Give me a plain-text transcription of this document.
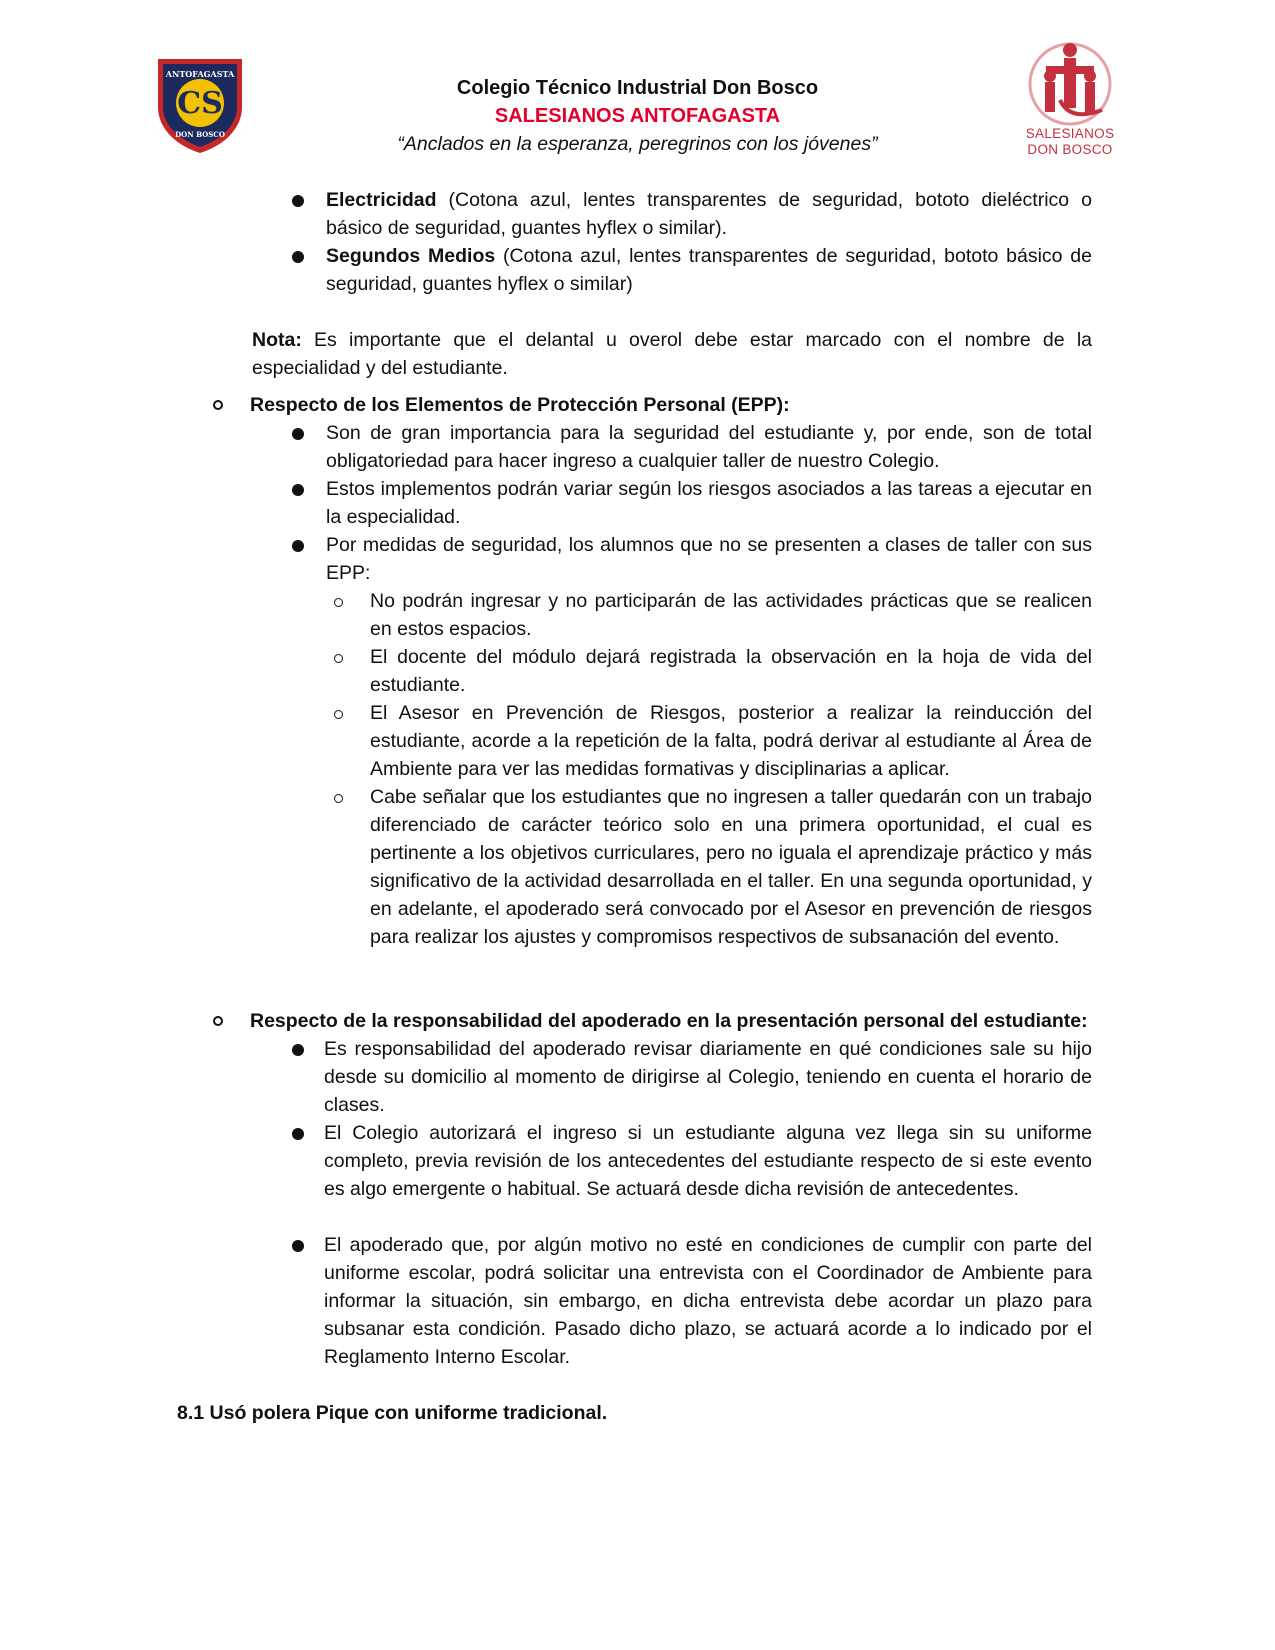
ANTOFAGASTA
CS
DON BOSCO
Colegio Técnico Industrial Don Bosco
SALESIANOS ANTOFAGASTA
“Anclados en la esperanza, peregrinos con los jóvenes”	SALESIANOS
DON BOSCO
Electricidad (Cotona azul, lentes transparentes de seguridad, bototo dieléctrico o básico de seguridad, guantes hyflex o similar).
Segundos Medios (Cotona azul, lentes transparentes de seguridad, bototo básico de seguridad, guantes hyflex o similar)
Nota: Es importante que el delantal u overol debe estar marcado con el nombre de la especialidad y del estudiante.
Respecto de los Elementos de Protección Personal (EPP):
Son de gran importancia para la seguridad del estudiante y, por ende, son de total obligatoriedad para hacer ingreso a cualquier taller de nuestro Colegio.
Estos implementos podrán variar según los riesgos asociados a las tareas a ejecutar en la especialidad.
Por medidas de seguridad, los alumnos que no se presenten a clases de taller con sus EPP:
No podrán ingresar y no participarán de las actividades prácticas que se realicen en estos espacios.
El docente del módulo dejará registrada la observación en la hoja de vida del estudiante.
El Asesor en Prevención de Riesgos, posterior a realizar la reinducción del estudiante, acorde a la repetición de la falta, podrá derivar al estudiante al Área de Ambiente para ver las medidas formativas y disciplinarias a aplicar.
Cabe señalar que los estudiantes que no ingresen a taller quedarán con un trabajo diferenciado de carácter teórico solo en una primera oportunidad, el cual es pertinente a los objetivos curriculares, pero no iguala el aprendizaje práctico y más significativo de la actividad desarrollada en el taller. En una segunda oportunidad, y en adelante, el apoderado será convocado por el Asesor en prevención de riesgos para realizar los ajustes y compromisos respectivos de subsanación del evento.
Respecto de la responsabilidad del apoderado en la presentación personal del estudiante:
Es responsabilidad del apoderado revisar diariamente en qué condiciones sale su hijo desde su domicilio al momento de dirigirse al Colegio, teniendo en cuenta el horario de clases.
El Colegio autorizará el ingreso si un estudiante alguna vez llega sin su uniforme completo, previa revisión de los antecedentes del estudiante respecto de si este evento es algo emergente o habitual. Se actuará desde dicha revisión de antecedentes.
El apoderado que, por algún motivo no esté en condiciones de cumplir con parte del uniforme escolar, podrá solicitar una entrevista con el Coordinador de Ambiente para informar la situación, sin embargo, en dicha entrevista debe acordar un plazo para subsanar esta condición. Pasado dicho plazo, se actuará acorde a lo indicado por el Reglamento Interno Escolar.
8.1 Usó polera Pique con uniforme tradicional.
